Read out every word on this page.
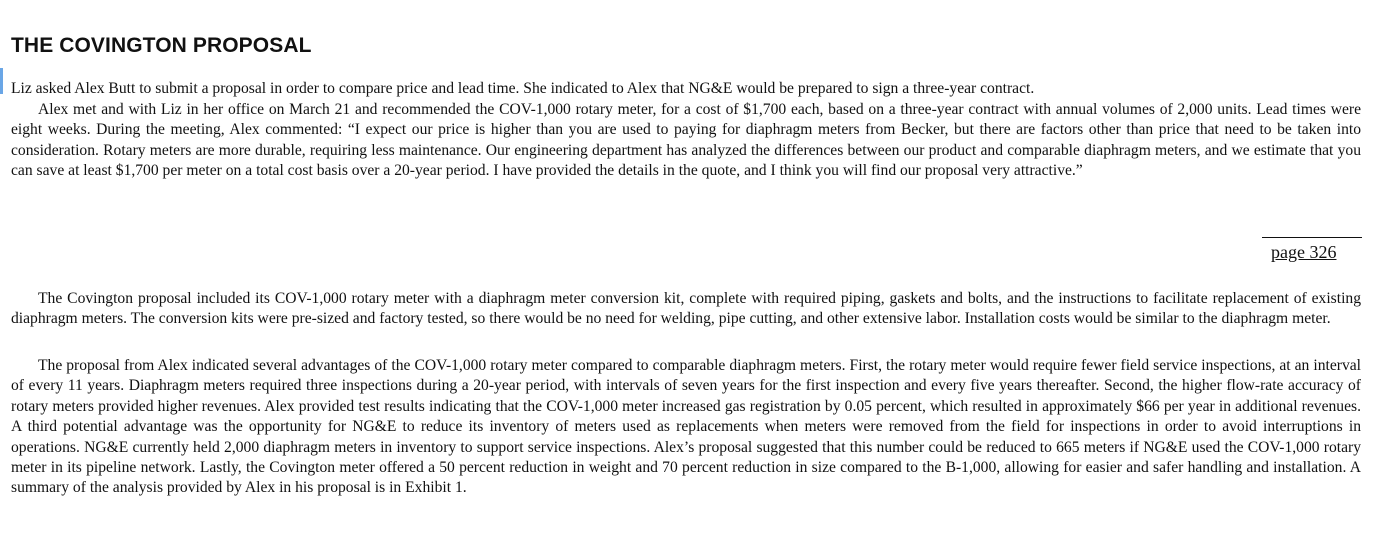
THE COVINGTON PROPOSAL

Liz asked Alex Butt to submit a proposal in order to compare price and lead time. She indicated to Alex that NG&E would be prepared to sign a three-year contract.

Alex met and with Liz in her office on March 21 and recommended the COV-1,000 rotary meter, for a cost of $1,700 each, based on a three-year contract with annual volumes of 2,000 units. Lead times were eight weeks. During the meeting, Alex commented: “I expect our price is higher than you are used to paying for diaphragm meters from Becker, but there are factors other than price that need to be taken into consideration. Rotary meters are more durable, requiring less maintenance. Our engineering department has analyzed the differences between our product and comparable diaphragm meters, and we estimate that you can save at least $1,700 per meter on a total cost basis over a 20-year period. I have provided the details in the quote, and I think you will find our proposal very attractive.”

page 326

The Covington proposal included its COV-1,000 rotary meter with a diaphragm meter conversion kit, complete with required piping, gaskets and bolts, and the instructions to facilitate replacement of existing diaphragm meters. The conversion kits were pre-sized and factory tested, so there would be no need for welding, pipe cutting, and other extensive labor. Installation costs would be similar to the diaphragm meter.

The proposal from Alex indicated several advantages of the COV-1,000 rotary meter compared to comparable diaphragm meters. First, the rotary meter would require fewer field service inspections, at an interval of every 11 years. Diaphragm meters required three inspections during a 20-year period, with intervals of seven years for the first inspection and every five years thereafter. Second, the higher flow-rate accuracy of rotary meters provided higher revenues. Alex provided test results indicating that the COV-1,000 meter increased gas registration by 0.05 percent, which resulted in approximately $66 per year in additional revenues. A third potential advantage was the opportunity for NG&E to reduce its inventory of meters used as replacements when meters were removed from the field for inspections in order to avoid interruptions in operations. NG&E currently held 2,000 diaphragm meters in inventory to support service inspections. Alex’s proposal suggested that this number could be reduced to 665 meters if NG&E used the COV-1,000 rotary meter in its pipeline network. Lastly, the Covington meter offered a 50 percent reduction in weight and 70 percent reduction in size compared to the B-1,000, allowing for easier and safer handling and installation. A summary of the analysis provided by Alex in his proposal is in Exhibit 1.
